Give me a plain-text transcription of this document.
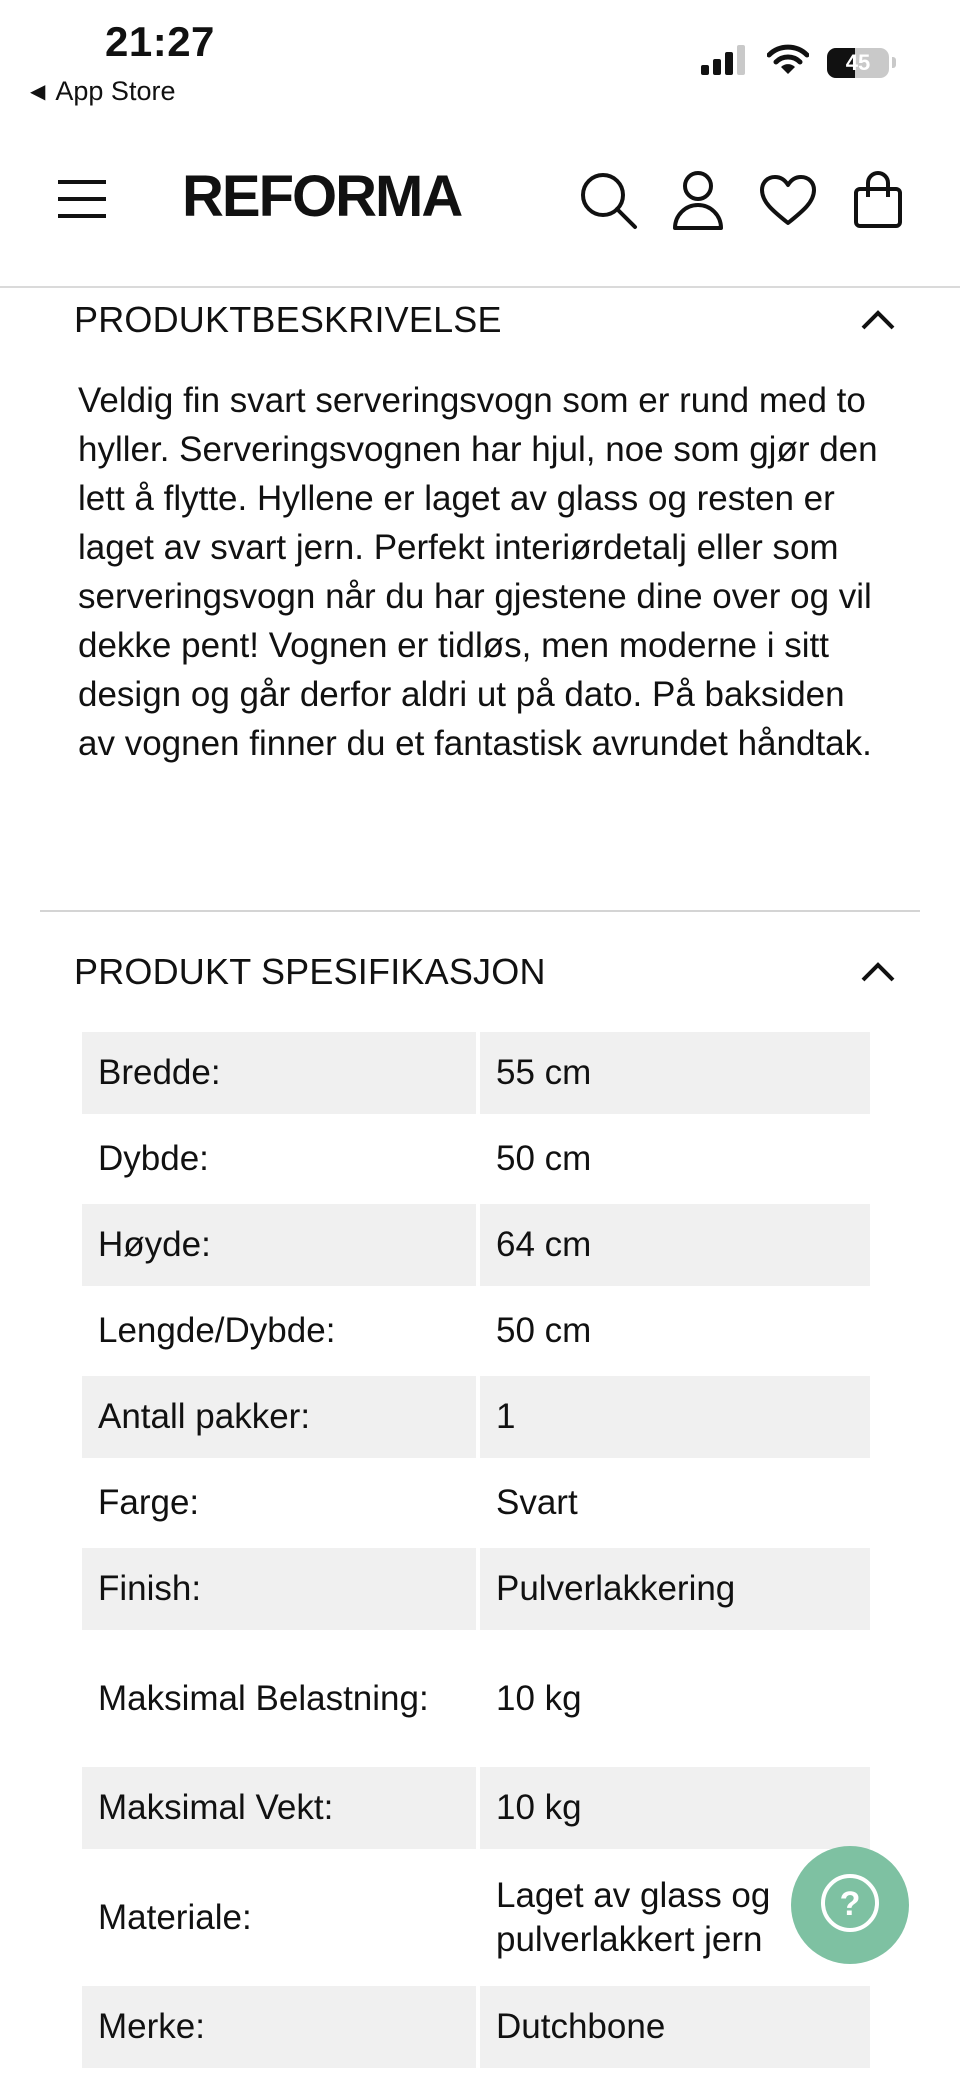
21:27
◀ App Store
45
REFORMA
PRODUKTBESKRIVELSE

Veldig fin svart serveringsvogn som er rund med to hyller. Serveringsvognen har hjul, noe som gjør den lett å flytte. Hyllene er laget av glass og resten er laget av svart jern. Perfekt interiørdetalj eller som serveringsvogn når du har gjestene dine over og vil dekke pent! Vognen er tidløs, men moderne i sitt design og går derfor aldri ut på dato. På baksiden av vognen finner du et fantastisk avrundet håndtak.

PRODUKT SPESIFIKASJON
Bredde:	55 cm
Dybde:	50 cm
Høyde:	64 cm
Lengde/Dybde:	50 cm
Antall pakker:	1
Farge:	Svart
Finish:	Pulverlakkering
Maksimal Belastning:	10 kg
Maksimal Vekt:	10 kg
Materiale:	Laget av glass og pulverlakkert jern
Merke:	Dutchbone
?
